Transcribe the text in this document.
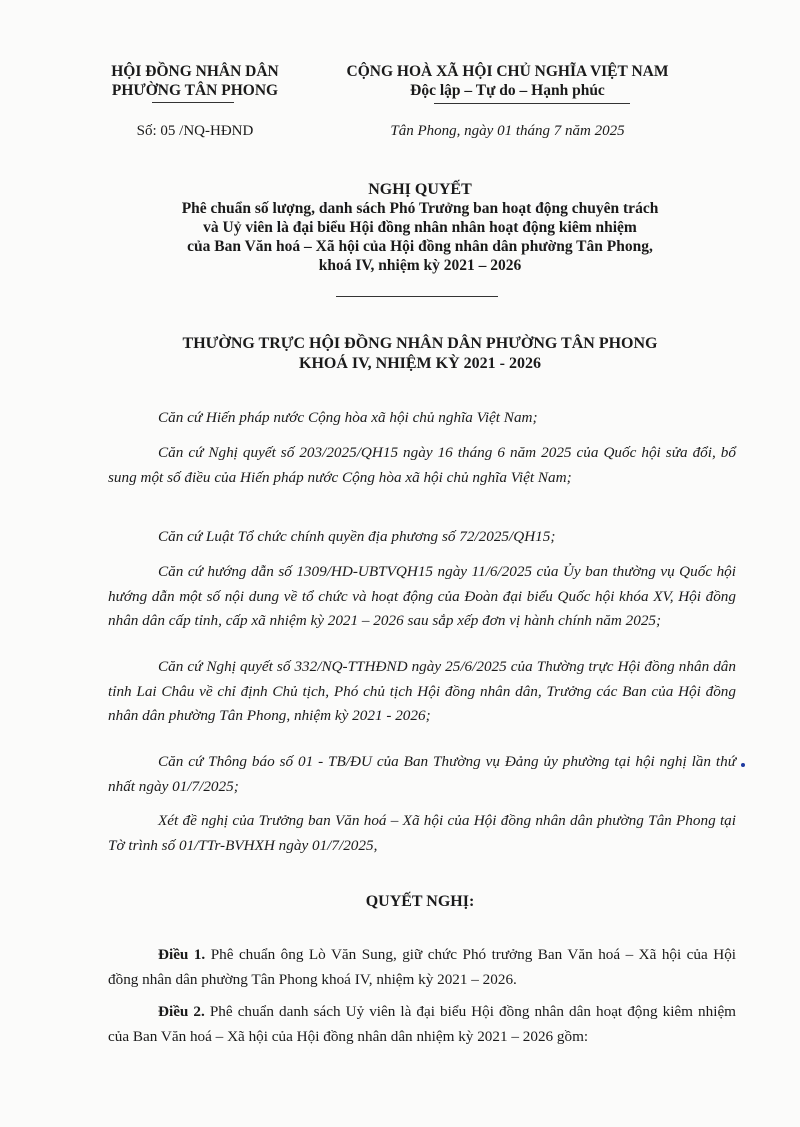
HỘI ĐỒNG NHÂN DÂN
PHƯỜNG TÂN PHONG
CỘNG HOÀ XÃ HỘI CHỦ NGHĨA VIỆT NAM
Độc lập – Tự do – Hạnh phúc
Số: 05 /NQ-HĐND	Tân Phong, ngày 01 tháng 7 năm 2025
NGHỊ QUYẾT
Phê chuẩn số lượng, danh sách Phó Trưởng ban hoạt động chuyên trách
và Uỷ viên là đại biểu Hội đồng nhân nhân hoạt động kiêm nhiệm
của Ban Văn hoá – Xã hội của Hội đồng nhân dân phường Tân Phong,
khoá IV, nhiệm kỳ 2021 – 2026
THƯỜNG TRỰC HỘI ĐỒNG NHÂN DÂN PHƯỜNG TÂN PHONG
KHOÁ IV, NHIỆM KỲ 2021 - 2026
Căn cứ Hiến pháp nước Cộng hòa xã hội chủ nghĩa Việt Nam;
Căn cứ Nghị quyết số 203/2025/QH15 ngày 16 tháng 6 năm 2025 của Quốc hội sửa đổi, bổ sung một số điều của Hiến pháp nước Cộng hòa xã hội chủ nghĩa Việt Nam;
Căn cứ Luật Tổ chức chính quyền địa phương số 72/2025/QH15;
Căn cứ hướng dẫn số 1309/HD-UBTVQH15 ngày 11/6/2025 của Ủy ban thường vụ Quốc hội hướng dẫn một số nội dung về tổ chức và hoạt động của Đoàn đại biểu Quốc hội khóa XV, Hội đồng nhân dân cấp tỉnh, cấp xã nhiệm kỳ 2021 – 2026 sau sắp xếp đơn vị hành chính năm 2025;
Căn cứ Nghị quyết số 332/NQ-TTHĐND ngày 25/6/2025 của Thường trực Hội đồng nhân dân tỉnh Lai Châu về chỉ định Chủ tịch, Phó chủ tịch Hội đồng nhân dân, Trưởng các Ban của Hội đồng nhân dân phường Tân Phong, nhiệm kỳ 2021 - 2026;
Căn cứ Thông báo số 01 - TB/ĐU của Ban Thường vụ Đảng ủy phường tại hội nghị lần thứ nhất ngày 01/7/2025;
Xét đề nghị của Trưởng ban Văn hoá – Xã hội của Hội đồng nhân dân phường Tân Phong tại Tờ trình số 01/TTr-BVHXH ngày 01/7/2025,
QUYẾT NGHỊ:
Điều 1. Phê chuẩn ông Lò Văn Sung, giữ chức Phó trưởng Ban Văn hoá – Xã hội của Hội đồng nhân dân phường Tân Phong khoá IV, nhiệm kỳ 2021 – 2026.
Điều 2. Phê chuẩn danh sách Uỷ viên là đại biểu Hội đồng nhân dân hoạt động kiêm nhiệm của Ban Văn hoá – Xã hội của Hội đồng nhân dân nhiệm kỳ 2021 – 2026 gồm:
